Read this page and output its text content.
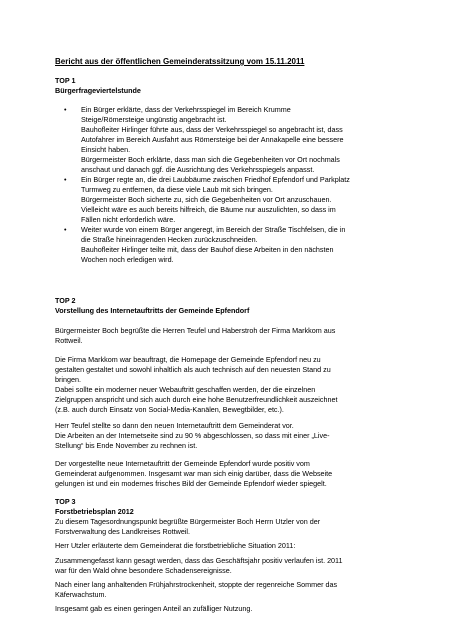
Bericht aus der öffentlichen Gemeinderatssitzung vom 15.11.2011
TOP 1
Bürgerfrageviertelstunde
• Ein Bürger erklärte, dass der Verkehrsspiegel im Bereich Krumme
Steige/Römersteige ungünstig angebracht ist.
Bauhofleiter Hirlinger führte aus, dass der Verkehrsspiegel so angebracht ist, dass
Autofahrer im Bereich Ausfahrt aus Römersteige bei der Annakapelle eine bessere
Einsicht haben.
Bürgermeister Boch erklärte, dass man sich die Gegebenheiten vor Ort nochmals
anschaut und danach ggf. die Ausrichtung des Verkehrsspiegels anpasst.
• Ein Bürger regte an, die drei Laubbäume zwischen Friedhof Epfendorf und Parkplatz
Turmweg zu entfernen, da diese viele Laub mit sich bringen.
Bürgermeister Boch sicherte zu, sich die Gegebenheiten vor Ort anzuschauen.
Vielleicht wäre es auch bereits hilfreich, die Bäume nur auszulichten, so dass im
Fällen nicht erforderlich wäre.
• Weiter wurde von einem Bürger angeregt, im Bereich der Straße Tischfelsen, die in
die Straße hineinragenden Hecken zurückzuschneiden.
Bauhofleiter Hirlinger teilte mit, dass der Bauhof diese Arbeiten in den nächsten
Wochen noch erledigen wird.
TOP 2
Vorstellung des Internetauftritts der Gemeinde Epfendorf
Bürgermeister Boch begrüßte die Herren Teufel und Haberstroh der Firma Markkom aus
Rottweil.
Die Firma Markkom war beauftragt, die Homepage der Gemeinde Epfendorf neu zu
gestalten gestaltet und sowohl inhaltlich als auch technisch auf den neuesten Stand zu
bringen.
Dabei sollte ein moderner neuer Webauftritt geschaffen werden, der die einzelnen
Zielgruppen anspricht und sich auch durch eine hohe Benutzerfreundlichkeit auszeichnet
(z.B. auch durch Einsatz von Social-Media-Kanälen, Bewegtbilder, etc.).
Herr Teufel stellte so dann den neuen Internetauftritt dem Gemeinderat vor.
Die Arbeiten an der Internetseite sind zu 90 % abgeschlossen, so dass mit einer „Live-
Stellung“ bis Ende November zu rechnen ist.
Der vorgestellte neue Internetauftritt der Gemeinde Epfendorf wurde positiv vom
Gemeinderat aufgenommen. Insgesamt war man sich einig darüber, dass die Webseite
gelungen ist und ein modernes frisches Bild der Gemeinde Epfendorf wieder spiegelt.
TOP 3
Forstbetriebsplan 2012
Zu diesem Tagesordnungspunkt begrüßte Bürgermeister Boch Herrn Utzler von der
Forstverwaltung des Landkreises Rottweil.
Herr Utzler erläuterte dem Gemeinderat die forstbetriebliche Situation 2011:
Zusammengefasst kann gesagt werden, dass das Geschäftsjahr positiv verlaufen ist. 2011
war für den Wald ohne besondere Schadensereignisse.
Nach einer lang anhaltenden Frühjahrstrockenheit, stoppte der regenreiche Sommer das
Käferwachstum.
Insgesamt gab es einen geringen Anteil an zufälliger Nutzung.
